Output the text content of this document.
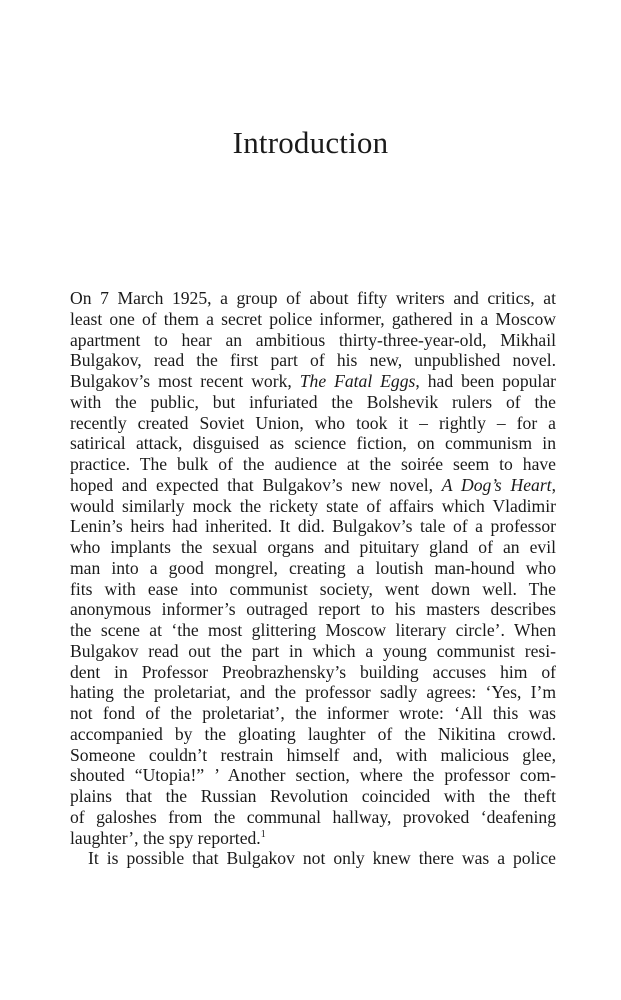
Introduction
On 7 March 1925, a group of about fifty writers and critics, at
least one of them a secret police informer, gathered in a Moscow
apartment to hear an ambitious thirty-three-year-old, Mikhail
Bulgakov, read the first part of his new, unpublished novel.
Bulgakov’s most recent work, The Fatal Eggs, had been popular
with the public, but infuriated the Bolshevik rulers of the
recently created Soviet Union, who took it – rightly – for a
satirical attack, disguised as science fiction, on communism in
practice. The bulk of the audience at the soirée seem to have
hoped and expected that Bulgakov’s new novel, A Dog’s Heart,
would similarly mock the rickety state of affairs which Vladimir
Lenin’s heirs had inherited. It did. Bulgakov’s tale of a professor
who implants the sexual organs and pituitary gland of an evil
man into a good mongrel, creating a loutish man-hound who
fits with ease into communist society, went down well. The
anonymous informer’s outraged report to his masters describes
the scene at ‘the most glittering Moscow literary circle’. When
Bulgakov read out the part in which a young communist resi-
dent in Professor Preobrazhensky’s building accuses him of
hating the proletariat, and the professor sadly agrees: ‘Yes, I’m
not fond of the proletariat’, the informer wrote: ‘All this was
accompanied by the gloating laughter of the Nikitina crowd.
Someone couldn’t restrain himself and, with malicious glee,
shouted “Utopia!” ’ Another section, where the professor com-
plains that the Russian Revolution coincided with the theft
of galoshes from the communal hallway, provoked ‘deafening
laughter’, the spy reported.$^1$
It is possible that Bulgakov not only knew there was a police
